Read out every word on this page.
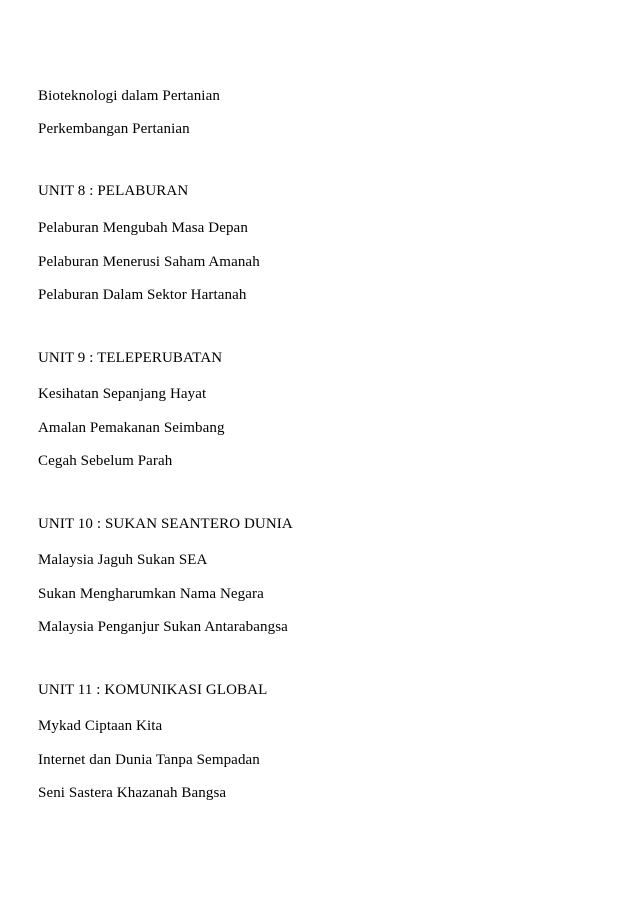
Bioteknologi dalam Pertanian
Perkembangan Pertanian
UNIT 8 : PELABURAN
Pelaburan Mengubah Masa Depan
Pelaburan Menerusi Saham Amanah
Pelaburan Dalam Sektor Hartanah
UNIT 9 : TELEPERUBATAN
Kesihatan Sepanjang Hayat
Amalan Pemakanan Seimbang
Cegah Sebelum Parah
UNIT 10 : SUKAN SEANTERO DUNIA
Malaysia Jaguh Sukan SEA
Sukan Mengharumkan Nama Negara
Malaysia Penganjur Sukan Antarabangsa
UNIT 11 : KOMUNIKASI GLOBAL
Mykad Ciptaan Kita
Internet dan Dunia Tanpa Sempadan
Seni Sastera Khazanah Bangsa
